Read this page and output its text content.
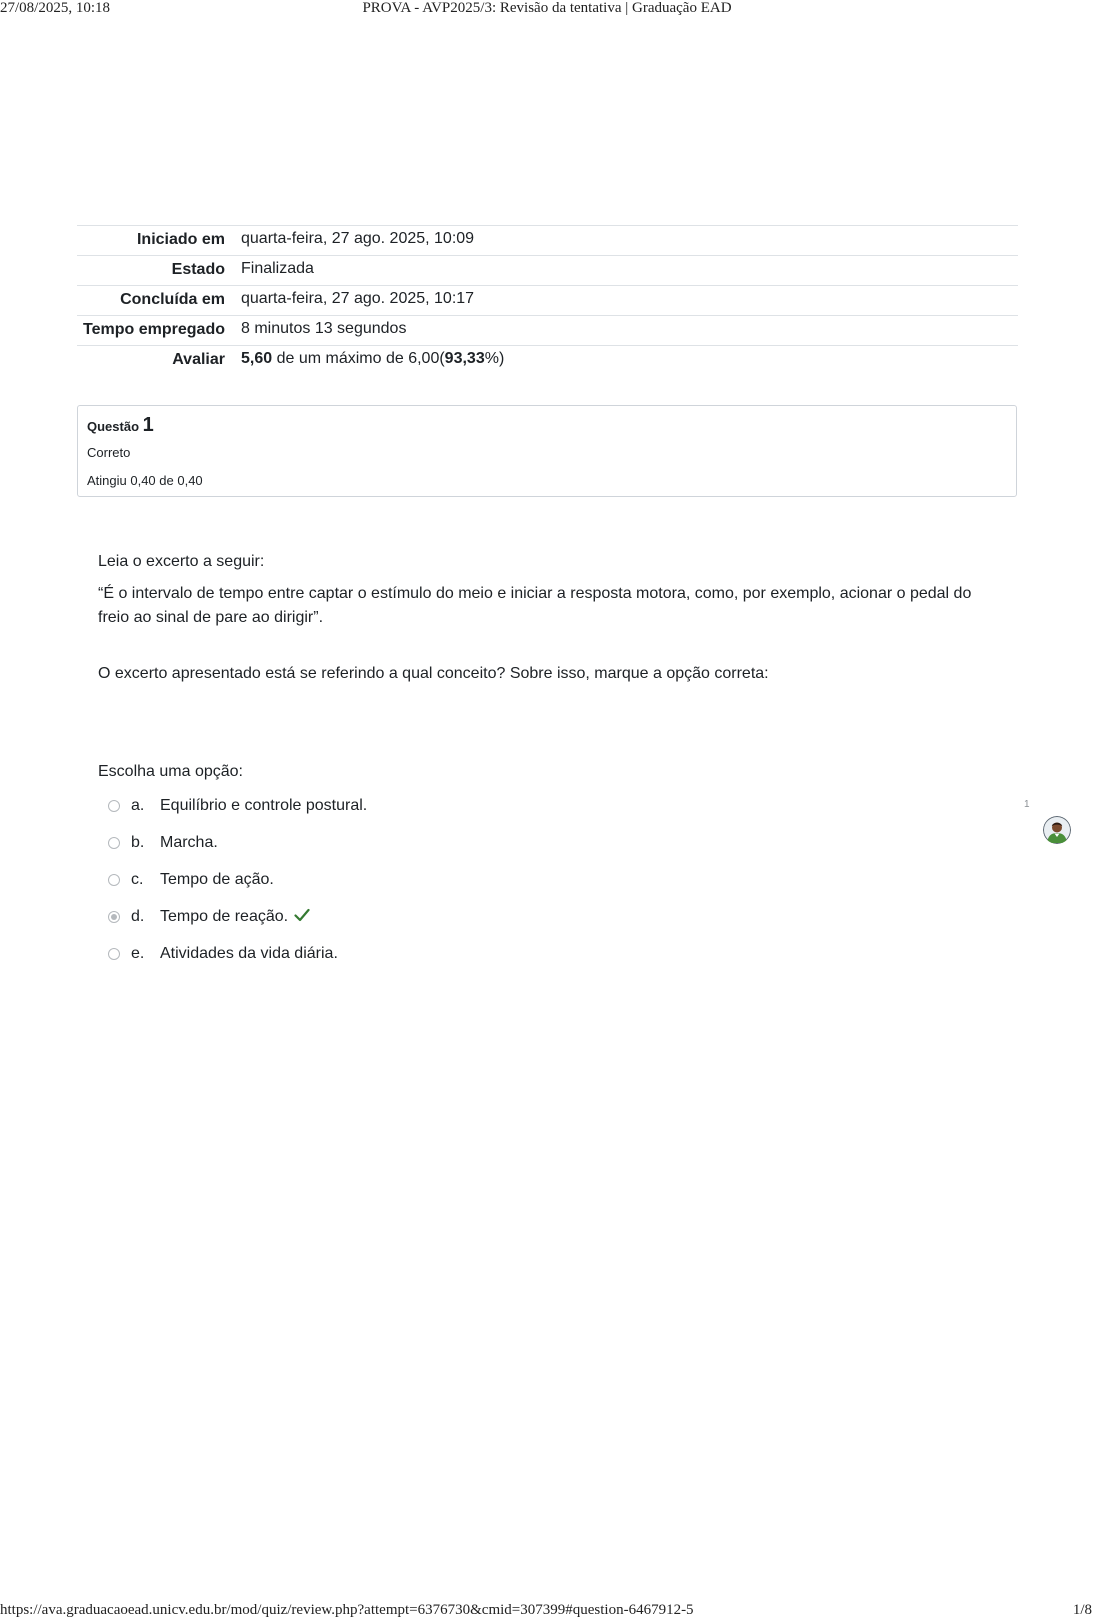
27/08/2025, 10:18	PROVA - AVP2025/3: Revisão da tentativa | Graduação EAD
Iniciado em	quarta-feira, 27 ago. 2025, 10:09
Estado	Finalizada
Concluída em	quarta-feira, 27 ago. 2025, 10:17
Tempo empregado	8 minutos 13 segundos
Avaliar	5,60 de um máximo de 6,00(93,33%)
Questão 1
Correto
Atingiu 0,40 de 0,40

Leia o excerto a seguir:

“É o intervalo de tempo entre captar o estímulo do meio e iniciar a resposta motora, como, por exemplo, acionar o pedal do freio ao sinal de pare ao dirigir”.

O excerto apresentado está se referindo a qual conceito? Sobre isso, marque a opção correta:

Escolha uma opção:

a. Equilíbrio e controle postural.
b. Marcha.
c.	Tempo de ação.
d. Tempo de reação.
e. Atividades da vida diária.
1
https://ava.graduacaoead.unicv.edu.br/mod/quiz/review.php?attempt=6376730&cmid=307399#question-6467912-5	1/8
